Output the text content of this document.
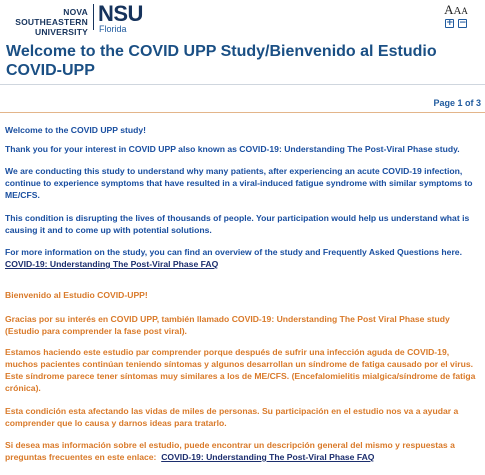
NOVA SOUTHEASTERN
UNIVERSITY
NSU
Florida
AAA
+ −
Welcome to the COVID UPP Study/Bienvenido al Estudio COVID-UPP
Page 1 of 3

Welcome to the COVID UPP study!

Thank you for your interest in COVID UPP also known as COVID-19: Understanding The Post-Viral Phase study.

We are conducting this study to understand why many patients, after experiencing an acute COVID-19 infection, continue to experience symptoms that have resulted in a viral-induced fatigue syndrome with similar symptoms to ME/CFS.

This condition is disrupting the lives of thousands of people. Your participation would help us understand what is causing it and to come up with potential solutions.

For more information on the study, you can find an overview of the study and Frequently Asked Questions here.

COVID-19: Understanding The Post-Viral Phase FAQ

Bienvenido al Estudio COVID-UPP!

Gracias por su interés en COVID UPP, también llamado COVID-19: Understanding The Post Viral Phase study (Estudio para comprender la fase post viral).

Estamos haciendo este estudio par comprender porque después de sufrir una infección aguda de COVID-19, muchos pacientes continúan teniendo síntomas y algunos desarrollan un síndrome de fatiga causado por el virus. Este síndrome parece tener síntomas muy similares a los de ME/CFS. (Encefalomielitis mialgica/síndrome de fatiga crónica).

Esta condición esta afectando las vidas de miles de personas. Su participación en el estudio nos va a ayudar a comprender que lo causa y darnos ideas para tratarlo.

Si desea mas información sobre el estudio, puede encontrar un descripción general del mismo y respuestas a preguntas frecuentes en este enlace: COVID-19: Understanding The Post-Viral Phase FAQ
